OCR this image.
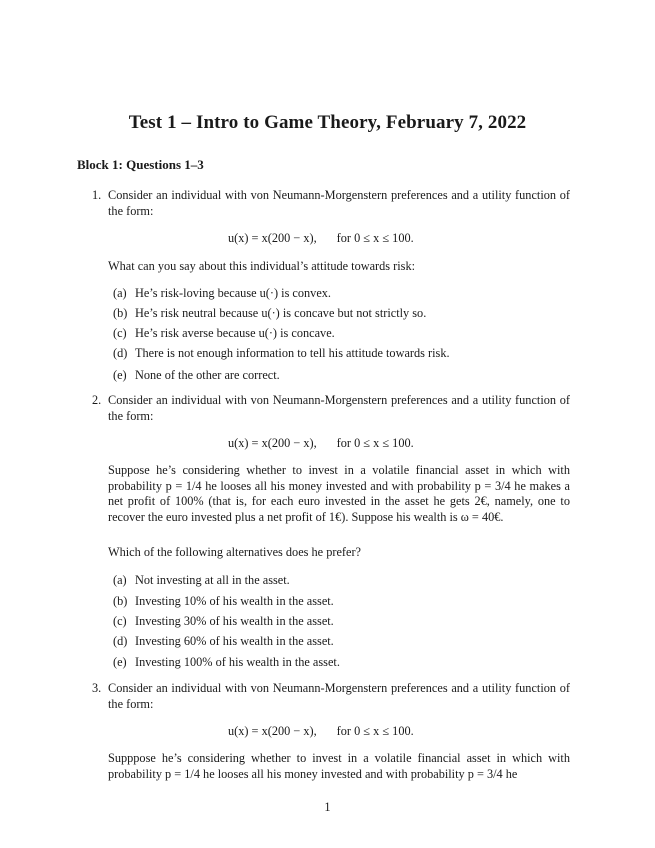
Test 1 – Intro to Game Theory, February 7, 2022
Block 1: Questions 1–3
1. Consider an individual with von Neumann-Morgenstern preferences and a utility function of the form:

u(x) = x(200 − x), for 0 ≤ x ≤ 100.

What can you say about this individual’s attitude towards risk:

(a) He’s risk-loving because u(·) is convex.
(b) He’s risk neutral because u(·) is concave but not strictly so.
(c) He’s risk averse because u(·) is concave.
(d) There is not enough information to tell his attitude towards risk.
(e) None of the other are correct.
2. Consider an individual with von Neumann-Morgenstern preferences and a utility function of the form:

u(x) = x(200 − x), for 0 ≤ x ≤ 100.

Suppose he’s considering whether to invest in a volatile financial asset in which with probability p = 1/4 he looses all his money invested and with probability p = 3/4 he makes a net profit of 100% (that is, for each euro invested in the asset he gets 2€, namely, one to recover the euro invested plus a net profit of 1€). Suppose his wealth is ω = 40€.

Which of the following alternatives does he prefer?

(a) Not investing at all in the asset.
(b) Investing 10% of his wealth in the asset.
(c) Investing 30% of his wealth in the asset.
(d) Investing 60% of his wealth in the asset.
(e) Investing 100% of his wealth in the asset.
3. Consider an individual with von Neumann-Morgenstern preferences and a utility function of the form:

u(x) = x(200 − x), for 0 ≤ x ≤ 100.

Supppose he’s considering whether to invest in a volatile financial asset in which with probability p = 1/4 he looses all his money invested and with probability p = 3/4 he

1
